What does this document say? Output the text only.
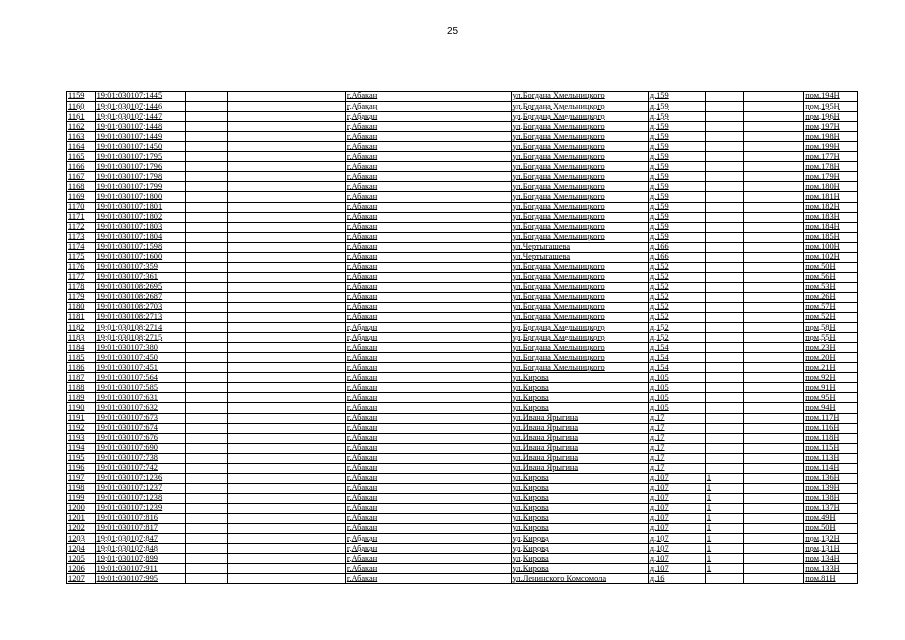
25
1159	19:01:030107:1445			г.Абакан	ул.Богдана Хмельницкого	д.159			пом.194Н
1160	19:01:030107:1446			г.Абакан	ул.Богдана Хмельницкого	д.159			пом.195Н
1161	19:01:030107:1447			г.Абакан	ул.Богдана Хмельницкого	д.159			пом.196Н
1162	19:01:030107:1448			г.Абакан	ул.Богдана Хмельницкого	д.159			пом.197Н
1163	19:01:030107:1449			г.Абакан	ул.Богдана Хмельницкого	д.159			пом.198Н
1164	19:01:030107:1450			г.Абакан	ул.Богдана Хмельницкого	д.159			пом.199Н
1165	19:01:030107:1795			г.Абакан	ул.Богдана Хмельницкого	д.159			пом.177Н
1166	19:01:030107:1796			г.Абакан	ул.Богдана Хмельницкого	д.159			пом.178Н
1167	19:01:030107:1798			г.Абакан	ул.Богдана Хмельницкого	д.159			пом.179Н
1168	19:01:030107:1799			г.Абакан	ул.Богдана Хмельницкого	д.159			пом.180Н
1169	19:01:030107:1800			г.Абакан	ул.Богдана Хмельницкого	д.159			пом.181Н
1170	19:01:030107:1801			г.Абакан	ул.Богдана Хмельницкого	д.159			пом.182Н
1171	19:01:030107:1802			г.Абакан	ул.Богдана Хмельницкого	д.159			пом.183Н
1172	19:01:030107:1803			г.Абакан	ул.Богдана Хмельницкого	д.159			пом.184Н
1173	19:01:030107:1804			г.Абакан	ул.Богдана Хмельницкого	д.159			пом.185Н
1174	19:01:030107:1598			г.Абакан	ул.Чертыгашева	д.166			пом.100Н
1175	19:01:030107:1600			г.Абакан	ул.Чертыгашева	д.166			пом.102Н
1176	19:01:030107:359			г.Абакан	ул.Богдана Хмельницкого	д.152			пом.50Н
1177	19:01:030107:361			г.Абакан	ул.Богдана Хмельницкого	д.152			пом.56Н
1178	19:01:030108:2695			г.Абакан	ул.Богдана Хмельницкого	д.152			пом.53Н
1179	19:01:030108:2687			г.Абакан	ул.Богдана Хмельницкого	д.152			пом.26Н
1180	19:01:030108:2703			г.Абакан	ул.Богдана Хмельницкого	д.152			пом.57Н
1181	19:01:030108:2713			г.Абакан	ул.Богдана Хмельницкого	д.152			пом.52Н
1182	19:01:030108:2714			г.Абакан	ул.Богдана Хмельницкого	д.152			пом.58Н
1183	19:01:030108:2715			г.Абакан	ул.Богдана Хмельницкого	д.152			пом.55Н
1184	19:01:030107:380			г.Абакан	ул.Богдана Хмельницкого	д.154			пом.23Н
1185	19:01:030107:450			г.Абакан	ул.Богдана Хмельницкого	д.154			пом.20Н
1186	19:01:030107:451			г.Абакан	ул.Богдана Хмельницкого	д.154			пом.21Н
1187	19:01:030107:564			г.Абакан	ул.Кирова	д.105			пом.92Н
1188	19:01:030107:585			г.Абакан	ул.Кирова	д.105			пом.91Н
1189	19:01:030107:631			г.Абакан	ул.Кирова	д.105			пом.95Н
1190	19:01:030107:632			г.Абакан	ул.Кирова	д.105			пом.94Н
1191	19:01:030107:673			г.Абакан	ул.Ивана Ярыгина	д.17			пом.117Н
1192	19:01:030107:674			г.Абакан	ул.Ивана Ярыгина	д.17			пом.116Н
1193	19:01:030107:676			г.Абакан	ул.Ивана Ярыгина	д.17			пом.118Н
1194	19:01:030107:690			г.Абакан	ул.Ивана Ярыгина	д.17			пом.115Н
1195	19:01:030107:738			г.Абакан	ул.Ивана Ярыгина	д.17			пом.113Н
1196	19:01:030107:742			г.Абакан	ул.Ивана Ярыгина	д.17			пом.114Н
1197	19:01:030107:1236			г.Абакан	ул.Кирова	д.107	1		пом.136Н
1198	19:01:030107:1237			г.Абакан	ул.Кирова	д.107	1		пом.139Н
1199	19:01:030107:1238			г.Абакан	ул.Кирова	д.107	1		пом.138Н
1200	19:01:030107:1239			г.Абакан	ул.Кирова	д.107	1		пом.137Н
1201	19:01:030107:816			г.Абакан	ул.Кирова	д.107	1		пом.49Н
1202	19:01:030107:817			г.Абакан	ул.Кирова	д.107	1		пом.50Н
1203	19:01:030107:847			г.Абакан	ул.Кирова	д.107	1		пом.132Н
1204	19:01:030107:848			г.Абакан	ул.Кирова	д.107	1		пом.131Н
1205	19:01:030107:899			г.Абакан	ул.Кирова	д.107	1		пом.134Н
1206	19:01:030107:911			г.Абакан	ул.Кирова	д.107	1		пом.133Н
1207	19:01:030107:995			г.Абакан	ул.Ленинского Комсомола	д.16			пом.81Н
